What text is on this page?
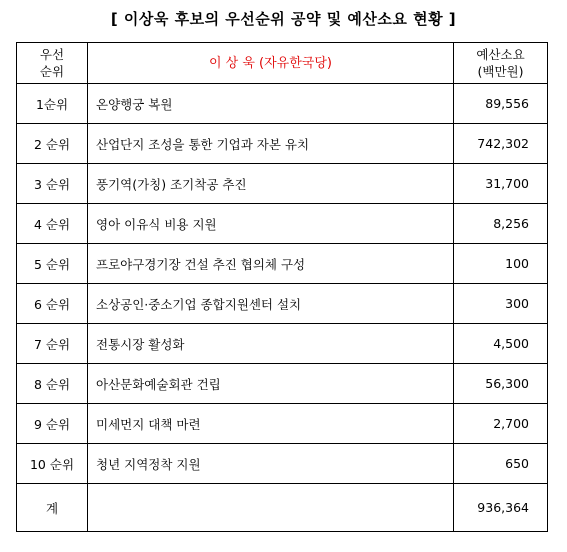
[ 이상욱 후보의 우선순위 공약 및 예산소요 현황 ]
우선
순위	이 상 욱 (자유한국당)	예산소요
(백만원)

1순위	온양행궁 복원	89,556
2 순위	산업단지 조성을 통한 기업과 자본 유치	742,302
3 순위	풍기역(가칭) 조기착공 추진	31,700
4 순위	영아 이유식 비용 지원	8,256
5 순위	프로야구경기장 건설 추진 협의체 구성	100
6 순위	소상공인·중소기업 종합지원센터 설치	300
7 순위	전통시장 활성화	4,500
8 순위	아산문화예술회관 건립	56,300
9 순위	미세먼지 대책 마련	2,700
10 순위	청년 지역정착 지원	650
계		936,364
